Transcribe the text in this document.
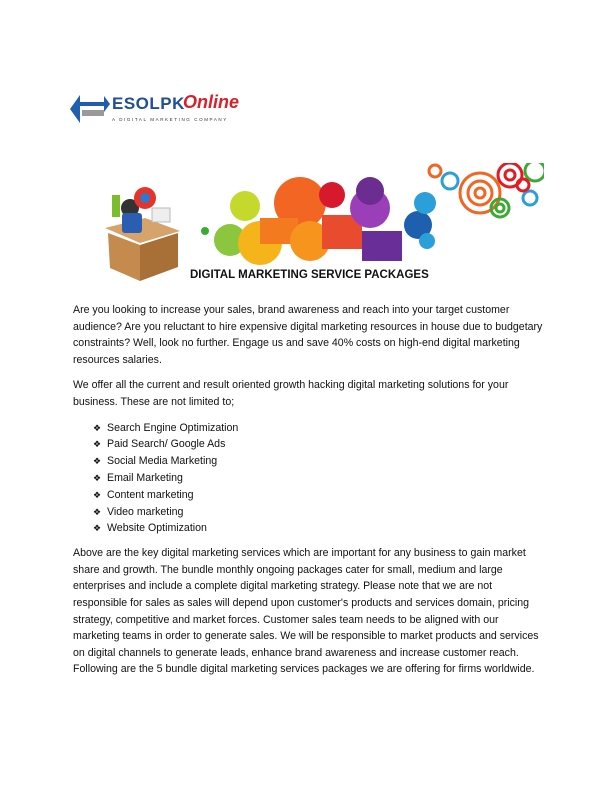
ESOLPK
Online
A DIGITAL MARKETING COMPANY
DIGITAL MARKETING SERVICE PACKAGES

Are you looking to increase your sales, brand awareness and reach into your target customer audience? Are you reluctant to hire expensive digital marketing resources in house due to budgetary constraints? Well, look no further. Engage us and save 40% costs on high-end digital marketing resources salaries.

We offer all the current and result oriented growth hacking digital marketing solutions for your business. These are not limited to;

❖ Search Engine Optimization
❖ Paid Search/ Google Ads
❖ Social Media Marketing
❖ Email Marketing
❖ Content marketing
❖ Video marketing
❖ Website Optimization

Above are the key digital marketing services which are important for any business to gain market share and growth. The bundle monthly ongoing packages cater for small, medium and large enterprises and include a complete digital marketing strategy. Please note that we are not responsible for sales as sales will depend upon customer's products and services domain, pricing strategy, competitive and market forces. Customer sales team needs to be aligned with our marketing teams in order to generate sales. We will be responsible to market products and services on digital channels to generate leads, enhance brand awareness and increase customer reach. Following are the 5 bundle digital marketing services packages we are offering for firms worldwide.
